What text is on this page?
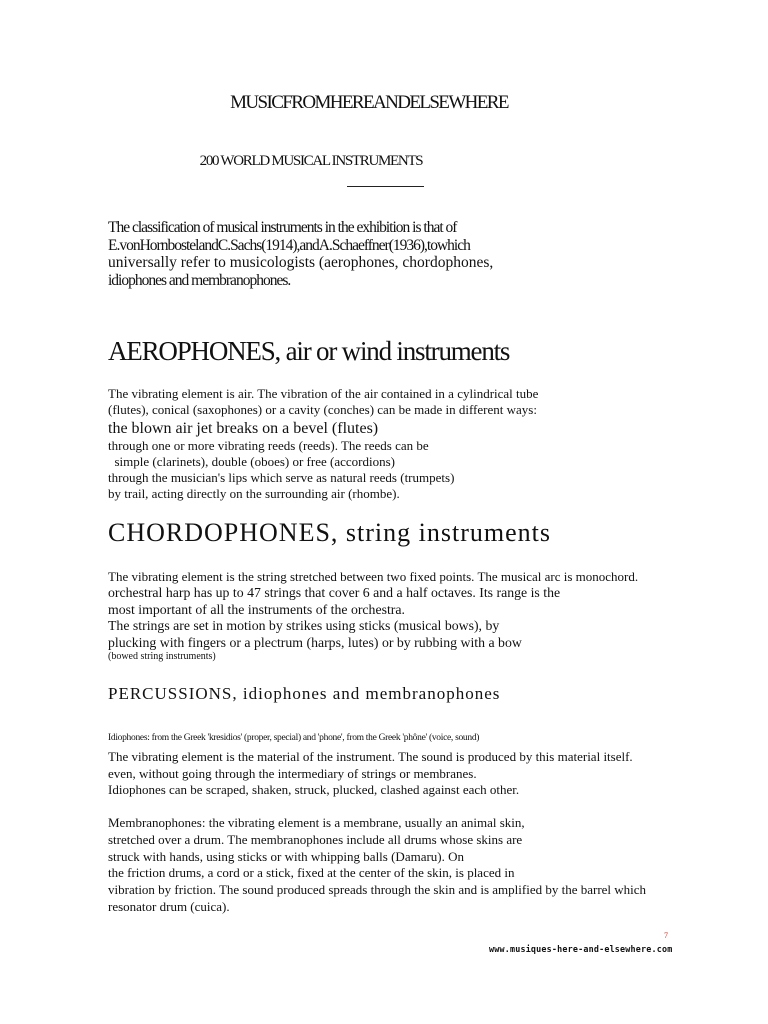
MUSICFROMHEREANDELSEWHERE
200 WORLD MUSICAL INSTRUMENTS
The classification of musical instruments in the exhibition is that of
E.vonHornbostelandC.Sachs(1914),andA.Schaeffner(1936),towhich
universally refer to musicologists (aerophones, chordophones,
idiophones and membranophones.
AEROPHONES, air or wind instruments
The vibrating element is air. The vibration of the air contained in a cylindrical tube
(flutes), conical (saxophones) or a cavity (conches) can be made in different ways:
the blown air jet breaks on a bevel (flutes)
through one or more vibrating reeds (reeds). The reeds can be
simple (clarinets), double (oboes) or free (accordions)
through the musician's lips which serve as natural reeds (trumpets)
by trail, acting directly on the surrounding air (rhombe).
CHORDOPHONES, string instruments
The vibrating element is the string stretched between two fixed points. The musical arc is monochord.
orchestral harp has up to 47 strings that cover 6 and a half octaves. Its range is the
most important of all the instruments of the orchestra.
The strings are set in motion by strikes using sticks (musical bows), by
plucking with fingers or a plectrum (harps, lutes) or by rubbing with a bow
(bowed string instruments)
PERCUSSIONS, idiophones and membranophones
Idiophones: from the Greek 'kresidios' (proper, special) and 'phone', from the Greek 'phône' (voice, sound)
The vibrating element is the material of the instrument. The sound is produced by this material itself.
even, without going through the intermediary of strings or membranes.
Idiophones can be scraped, shaken, struck, plucked, clashed against each other.
Membranophones: the vibrating element is a membrane, usually an animal skin,
stretched over a drum. The membranophones include all drums whose skins are
struck with hands, using sticks or with whipping balls (Damaru). On
the friction drums, a cord or a stick, fixed at the center of the skin, is placed in
vibration by friction. The sound produced spreads through the skin and is amplified by the barrel which
resonator drum (cuica).
7
www.musiques-here-and-elsewhere.com
